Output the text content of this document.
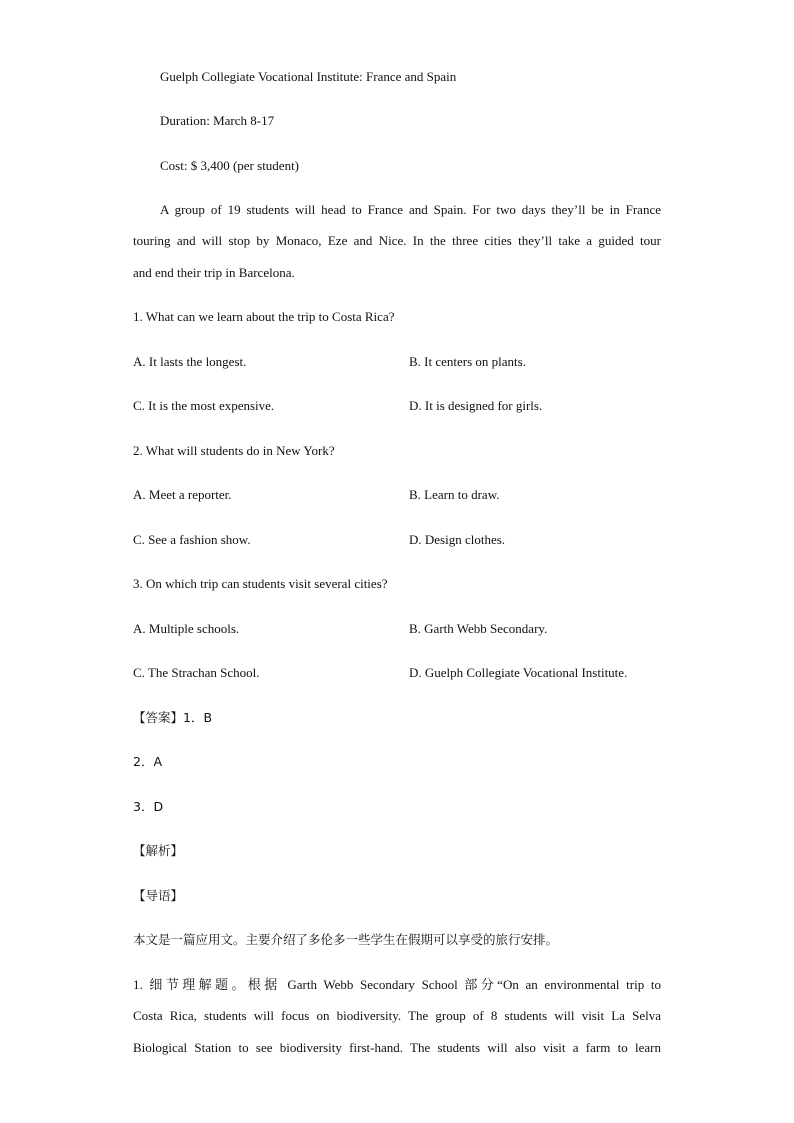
Guelph Collegiate Vocational Institute: France and Spain
Duration: March 8-17
Cost: $ 3,400 (per student)
A group of 19 students will head to France and Spain. For two days they’ll be in France
touring and will stop by Monaco, Eze and Nice. In the three cities they’ll take a guided tour
and end their trip in Barcelona.
1. What can we learn about the trip to Costa Rica?
A. It lasts the longest.	B. It centers on plants.
C. It is the most expensive.	D. It is designed for girls.
2. What will students do in New York?
A. Meet a reporter.	B. Learn to draw.
C. See a fashion show.	D. Design clothes.
3. On which trip can students visit several cities?
A. Multiple schools.	B. Garth Webb Secondary.
C. The Strachan School.	D. Guelph Collegiate Vocational Institute.
【答案】1．B
2．A
3．D
【解析】
【导语】
本文是一篇应用文。主要介绍了多伦多一些学生在假期可以享受的旅行安排。
1. 细节理解题。根据 Garth Webb Secondary School 部分“On an environmental trip to
Costa Rica, students will focus on biodiversity. The group of 8 students will visit La Selva
Biological Station to see biodiversity first-hand. The students will also visit a farm to learn
